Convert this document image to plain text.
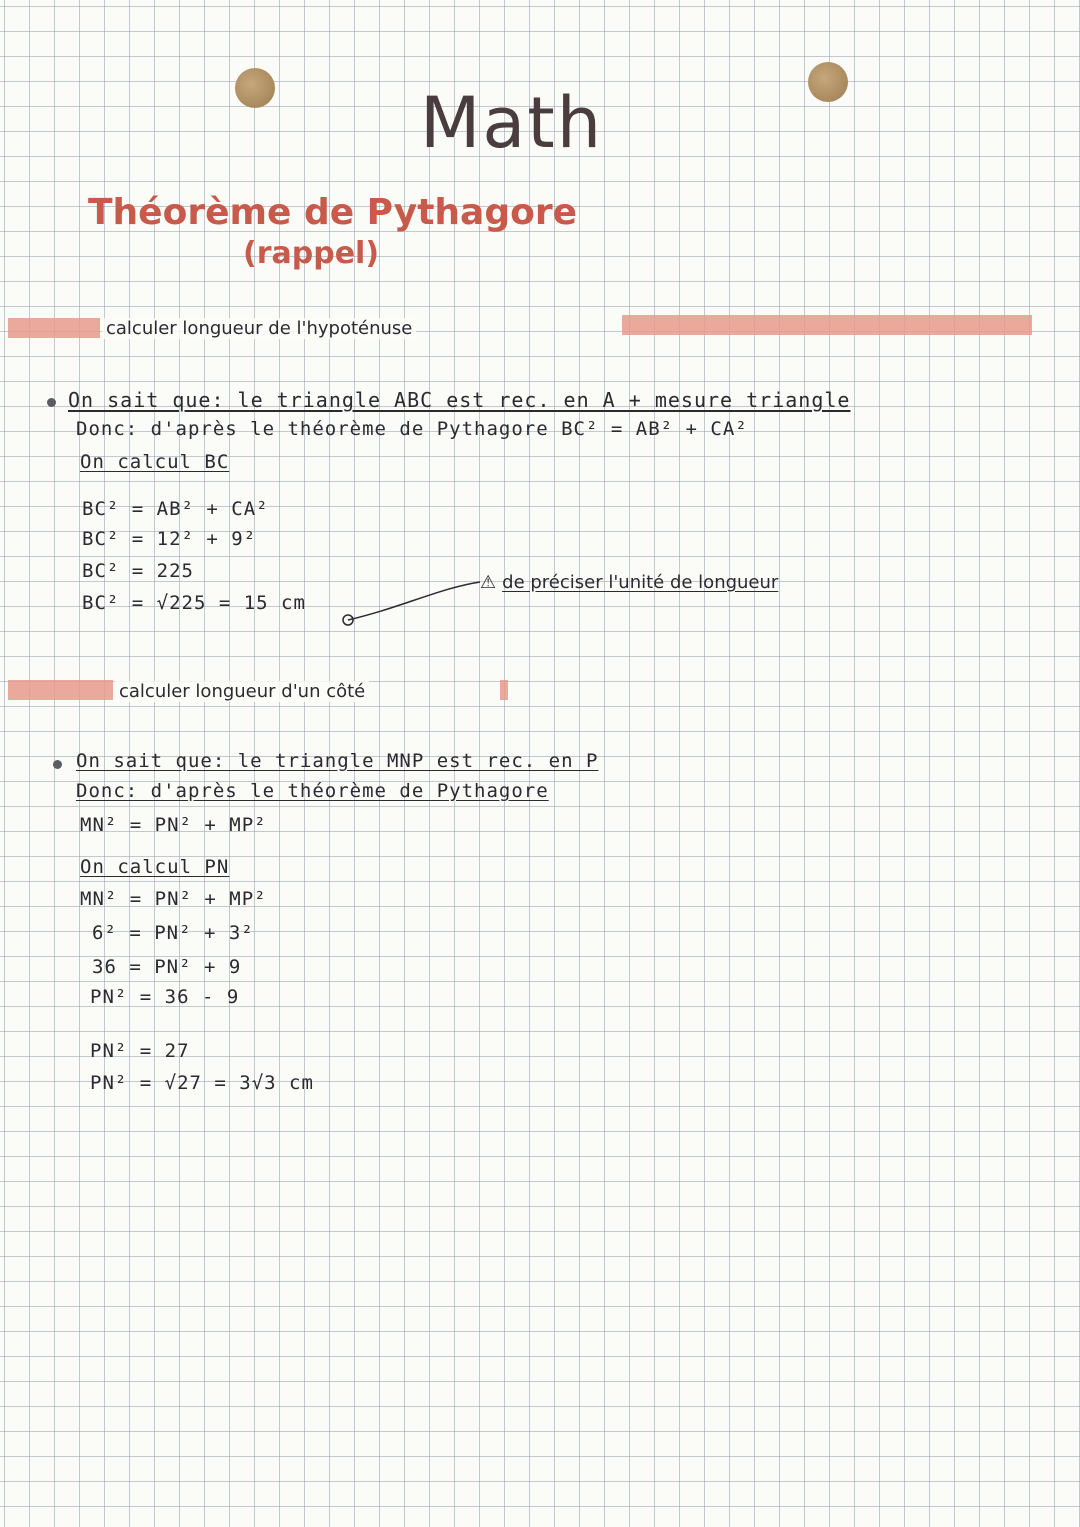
Math
Théorème de Pythagore
(rappel)
calculer longueur de l'hypoténuse
On sait que: le triangle ABC est rec. en A + mesure triangle
Donc: d'après le théorème de Pythagore BC² = AB² + CA²
On calcul BC
BC² = AB² + CA²
BC² = 12² + 9²
BC² = 225
BC² = √225 = 15 cm
⚠ de préciser l'unité de longueur
calculer longueur d'un côté
On sait que: le triangle MNP est rec. en P
Donc: d'après le théorème de Pythagore
MN² = PN² + MP²
On calcul PN
MN² = PN² + MP²
6² = PN² + 3²
36 = PN² + 9
PN² = 36 - 9
PN² = 27
PN² = √27 = 3√3 cm
